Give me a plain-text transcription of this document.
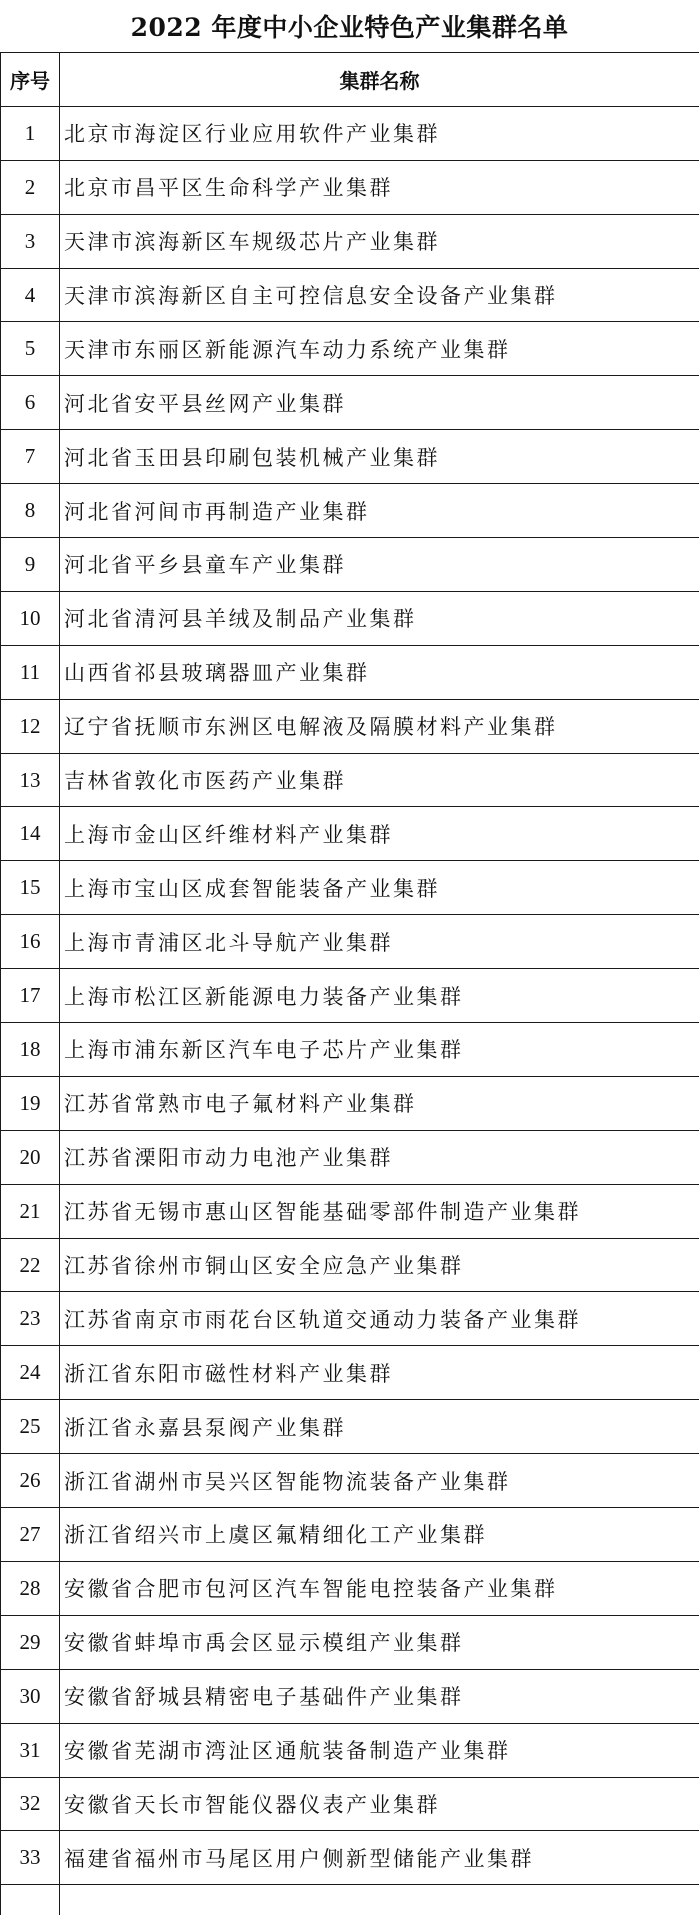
2022 年度中小企业特色产业集群名单
序号	集群名称
1	北京市海淀区行业应用软件产业集群
2	北京市昌平区生命科学产业集群
3	天津市滨海新区车规级芯片产业集群
4	天津市滨海新区自主可控信息安全设备产业集群
5	天津市东丽区新能源汽车动力系统产业集群
6	河北省安平县丝网产业集群
7	河北省玉田县印刷包装机械产业集群
8	河北省河间市再制造产业集群
9	河北省平乡县童车产业集群
10	河北省清河县羊绒及制品产业集群
11	山西省祁县玻璃器皿产业集群
12	辽宁省抚顺市东洲区电解液及隔膜材料产业集群
13	吉林省敦化市医药产业集群
14	上海市金山区纤维材料产业集群
15	上海市宝山区成套智能装备产业集群
16	上海市青浦区北斗导航产业集群
17	上海市松江区新能源电力装备产业集群
18	上海市浦东新区汽车电子芯片产业集群
19	江苏省常熟市电子氟材料产业集群
20	江苏省溧阳市动力电池产业集群
21	江苏省无锡市惠山区智能基础零部件制造产业集群
22	江苏省徐州市铜山区安全应急产业集群
23	江苏省南京市雨花台区轨道交通动力装备产业集群
24	浙江省东阳市磁性材料产业集群
25	浙江省永嘉县泵阀产业集群
26	浙江省湖州市吴兴区智能物流装备产业集群
27	浙江省绍兴市上虞区氟精细化工产业集群
28	安徽省合肥市包河区汽车智能电控装备产业集群
29	安徽省蚌埠市禹会区显示模组产业集群
30	安徽省舒城县精密电子基础件产业集群
31	安徽省芜湖市湾沚区通航装备制造产业集群
32	安徽省天长市智能仪器仪表产业集群
33	福建省福州市马尾区用户侧新型储能产业集群
